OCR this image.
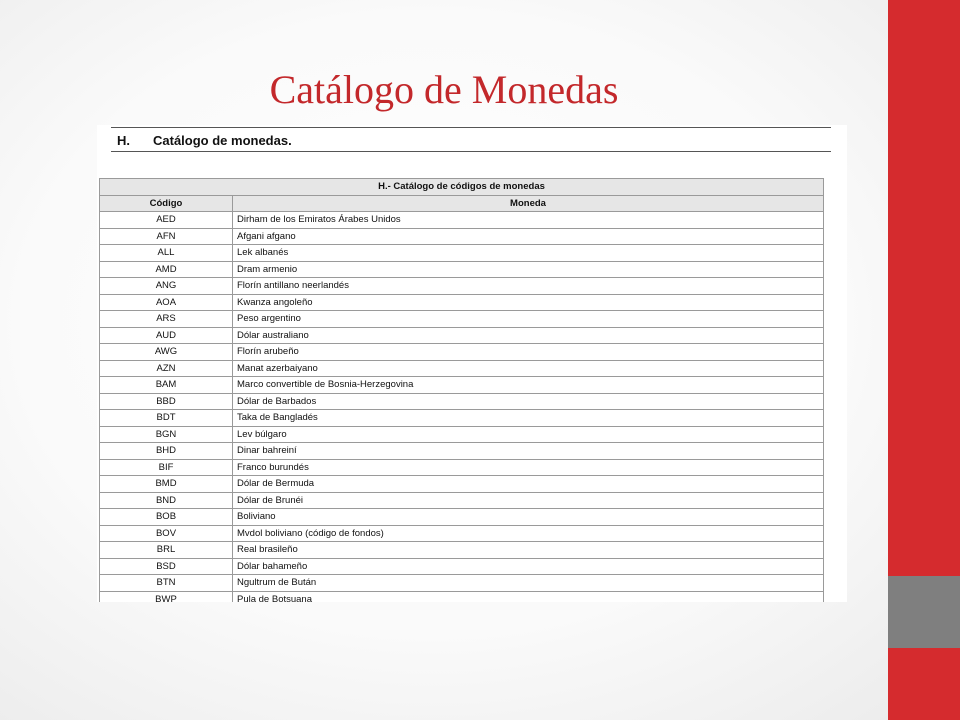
Catálogo de Monedas
H. Catálogo de monedas.
H.- Catálogo de códigos de monedas	
Código	Moneda
AED	Dirham de los Emiratos Árabes Unidos
AFN	Afgani afgano
ALL	Lek albanés
AMD	Dram armenio
ANG	Florín antillano neerlandés
AOA	Kwanza angoleño
ARS	Peso argentino
AUD	Dólar australiano
AWG	Florín arubeño
AZN	Manat azerbaiyano
BAM	Marco convertible de Bosnia-Herzegovina
BBD	Dólar de Barbados
BDT	Taka de Bangladés
BGN	Lev búlgaro
BHD	Dinar bahreiní
BIF	Franco burundés
BMD	Dólar de Bermuda
BND	Dólar de Brunéi
BOB	Boliviano
BOV	Mvdol boliviano (código de fondos)
BRL	Real brasileño
BSD	Dólar bahameño
BTN	Ngultrum de Bután
BWP	Pula de Botsuana
